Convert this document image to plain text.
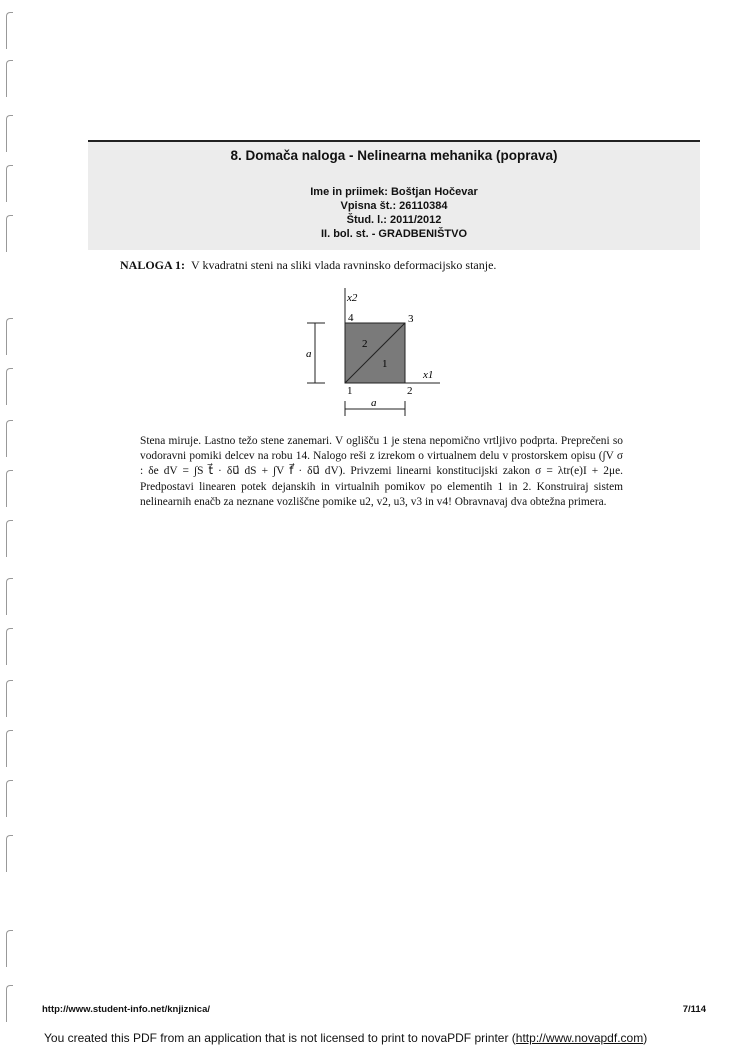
8. Domača naloga - Nelinearna mehanika (poprava)
Ime in priimek: Boštjan Hočevar
Vpisna št.: 26110384
Štud. l.: 2011/2012
II. bol. st. - GRADBENIŠTVO
NALOGA 1: V kvadratni steni na sliki vlada ravninsko deformacijsko stanje.
x2
x1
1	2
3
4
1
2
a
a
Stena miruje. Lastno težo stene zanemari. V oglišču 1 je stena nepomično vrtljivo podprta. Preprečeni so vodoravni pomiki delcev na robu 14. Nalogo reši z izrekom o virtualnem delu v prostorskem opisu (∫V σ : δe dV = ∫S t⃗ · δu⃗ dS + ∫V f⃗ · δu⃗ dV). Privzemi linearni konstitucijski zakon σ = λtr(e)I + 2μe. Predpostavi linearen potek dejanskih in virtualnih pomikov po elementih 1 in 2. Konstruiraj sistem nelinearnih enačb za neznane vozliščne pomike u2, v2, u3, v3 in v4! Obravnavaj dva obtežna primera.
http://www.student-info.net/knjiznica/	7/114
You created this PDF from an application that is not licensed to print to novaPDF printer (http://www.novapdf.com)
